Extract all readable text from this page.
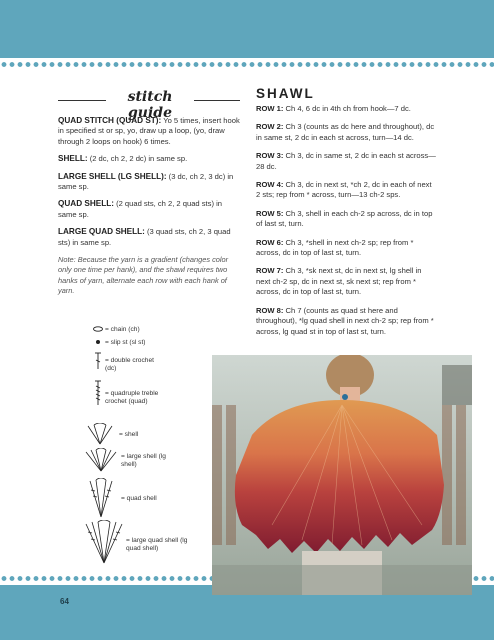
stitch guide

QUAD STITCH (QUAD ST): Yo 5 times, insert hook in specified st or sp, yo, draw up a loop, (yo, draw through 2 loops on hook) 6 times.

SHELL: (2 dc, ch 2, 2 dc) in same sp.

LARGE SHELL (LG SHELL): (3 dc, ch 2, 3 dc) in same sp.

QUAD SHELL: (2 quad sts, ch 2, 2 quad sts) in same sp.

LARGE QUAD SHELL: (3 quad sts, ch 2, 3 quad sts) in same sp.

Note: Because the yarn is a gradient (changes color only one time per hank), and the shawl requires two hanks of yarn, alternate each row with each hank of yarn.

= chain (ch)
= slip st (sl st)
= double crochet (dc)
= quadruple treble crochet (quad)
= shell
= large shell (lg shell)
= quad shell
= large quad shell (lg quad shell)
SHAWL

ROW 1: Ch 4, 6 dc in 4th ch from hook—7 dc.

ROW 2: Ch 3 (counts as dc here and throughout), dc in same st, 2 dc in each st across, turn—14 dc.

ROW 3: Ch 3, dc in same st, 2 dc in each st across—28 dc.

ROW 4: Ch 3, dc in next st, *ch 2, dc in each of next 2 sts; rep from * across, turn—13 ch-2 sps.

ROW 5: Ch 3, shell in each ch-2 sp across, dc in top of last st, turn.

ROW 6: Ch 3, *shell in next ch-2 sp; rep from * across, dc in top of last st, turn.

ROW 7: Ch 3, *sk next st, dc in next st, lg shell in next ch-2 sp, dc in next st, sk next st; rep from * across, dc in top of last st, turn.

ROW 8: Ch 7 (counts as quad st here and throughout), *lg quad shell in next ch-2 sp; rep from * across, lg quad st in top of last st, turn.

64
